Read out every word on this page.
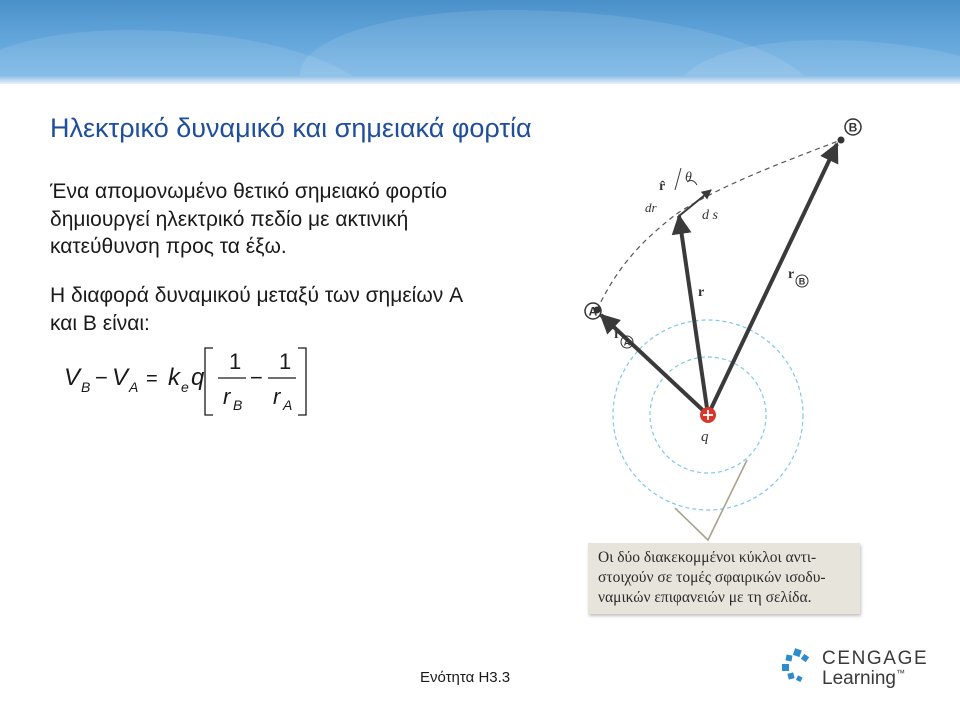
Ηλεκτρικό δυναμικό και σημειακά φορτία
Ένα απομονωμένο θετικό σημειακό φορτίο δημιουργεί ηλεκτρικό πεδίο με ακτινική κατεύθυνση προς τα έξω.
Η διαφορά δυναμικού μεταξύ των σημείων A και B είναι:
V B − V A = k e q
1
r B
−
1
r A
B
A
q
θ
r̂
dr
d s
r
r
r
B
A
Οι δύο διακεκομμένοι κύκλοι αντι-στοιχούν σε τομές σφαιρικών ισοδυ-ναμικών επιφανειών με τη σελίδα.
Ενότητα Η3.3
CENGAGE
Learning™
